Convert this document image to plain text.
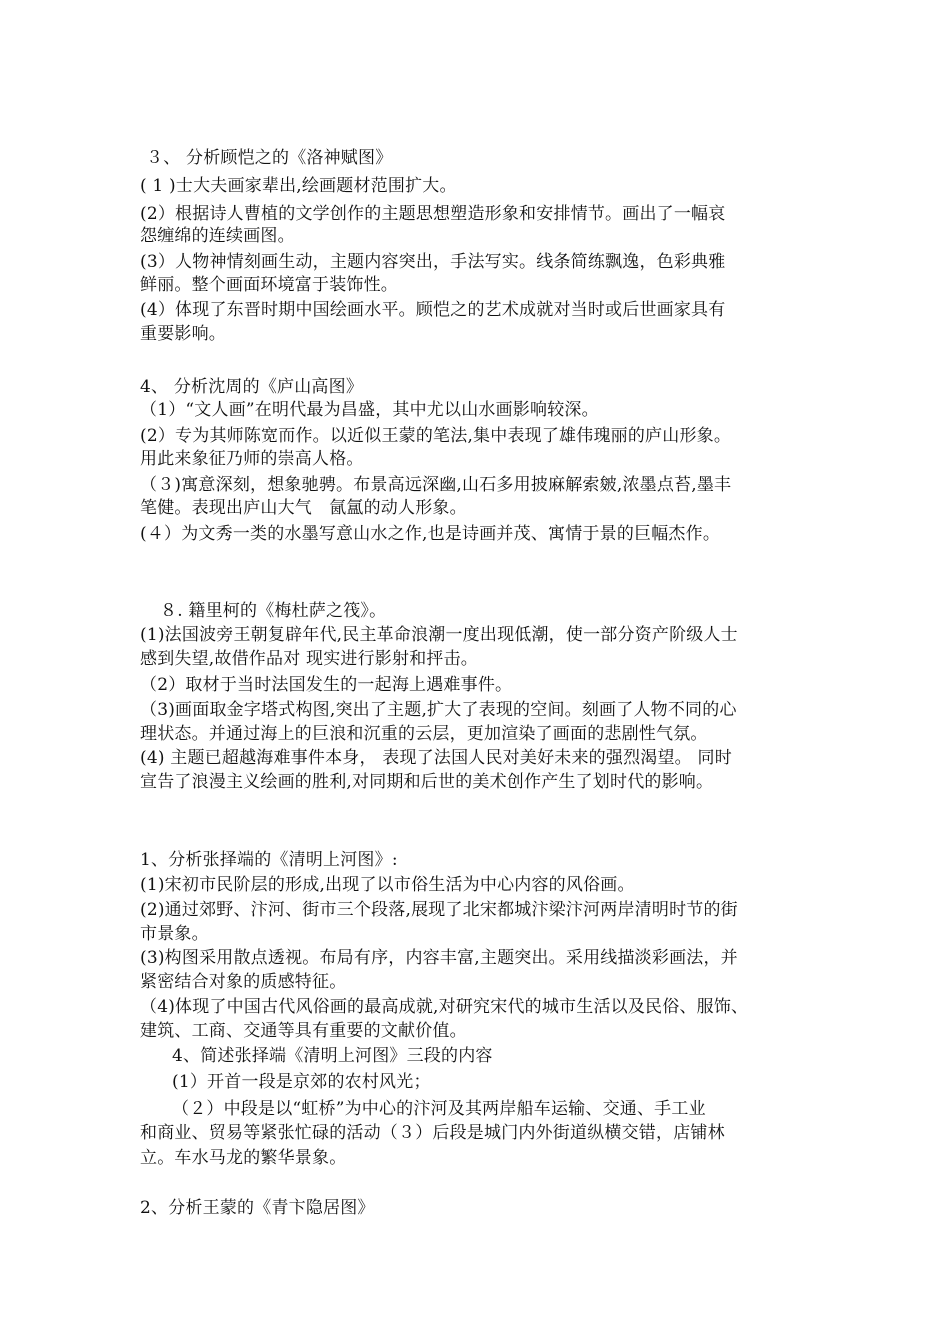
３、 分析顾恺之的《洛神赋图》
( 1 )士大夫画家辈出,绘画题材范围扩大。
(2）根据诗人曹植的文学创作的主题思想塑造形象和安排情节。画出了一幅哀
怨缠绵的连续画图。
(3）人物神情刻画生动，主题内容突出，手法写实。线条简练飘逸，色彩典雅
鲜丽。整个画面环境富于装饰性。
(4）体现了东晋时期中国绘画水平。顾恺之的艺术成就对当时或后世画家具有
重要影响。
4、 分析沈周的《庐山高图》
（1）“文人画”在明代最为昌盛，其中尤以山水画影响较深。
(2）专为其师陈宽而作。以近似王蒙的笔法,集中表现了雄伟瑰丽的庐山形象。
用此来象征乃师的崇高人格。
（３)寓意深刻，想象驰骋。布景高远深幽,山石多用披麻解索皴,浓墨点苔,墨丰
笔健。表现出庐山大气　氤氲的动人形象。
(４）为文秀一类的水墨写意山水之作,也是诗画并茂、寓情于景的巨幅杰作。
８. 籍里柯的《梅杜萨之筏》。
(1)法国波旁王朝复辟年代,民主革命浪潮一度出现低潮，使一部分资产阶级人士
感到失望,故借作品对 现实进行影射和抨击。
（2）取材于当时法国发生的一起海上遇难事件。
（3)画面取金字塔式构图,突出了主题,扩大了表现的空间。刻画了人物不同的心
理状态。并通过海上的巨浪和沉重的云层，更加渲染了画面的悲剧性气氛。
(4) 主题已超越海难事件本身， 表现了法国人民对美好未来的强烈渴望。 同时
宣告了浪漫主义绘画的胜利,对同期和后世的美术创作产生了划时代的影响。
1、分析张择端的《清明上河图》:
(1)宋初市民阶层的形成,出现了以市俗生活为中心内容的风俗画。
(2)通过郊野、汴河、街市三个段落,展现了北宋都城汴梁汴河两岸清明时节的街
市景象。
(3)构图采用散点透视。布局有序，内容丰富,主题突出。采用线描淡彩画法，并
紧密结合对象的质感特征。
（4)体现了中国古代风俗画的最高成就,对研究宋代的城市生活以及民俗、服饰、
建筑、工商、交通等具有重要的文献价值。
4、简述张择端《清明上河图》三段的内容
(1）开首一段是京郊的农村风光；
（２）中段是以“虹桥”为中心的汴河及其两岸船车运输、交通、手工业
和商业、贸易等紧张忙碌的活动（３）后段是城门内外街道纵横交错，店铺林
立。车水马龙的繁华景象。
2、分析王蒙的《青卞隐居图》
